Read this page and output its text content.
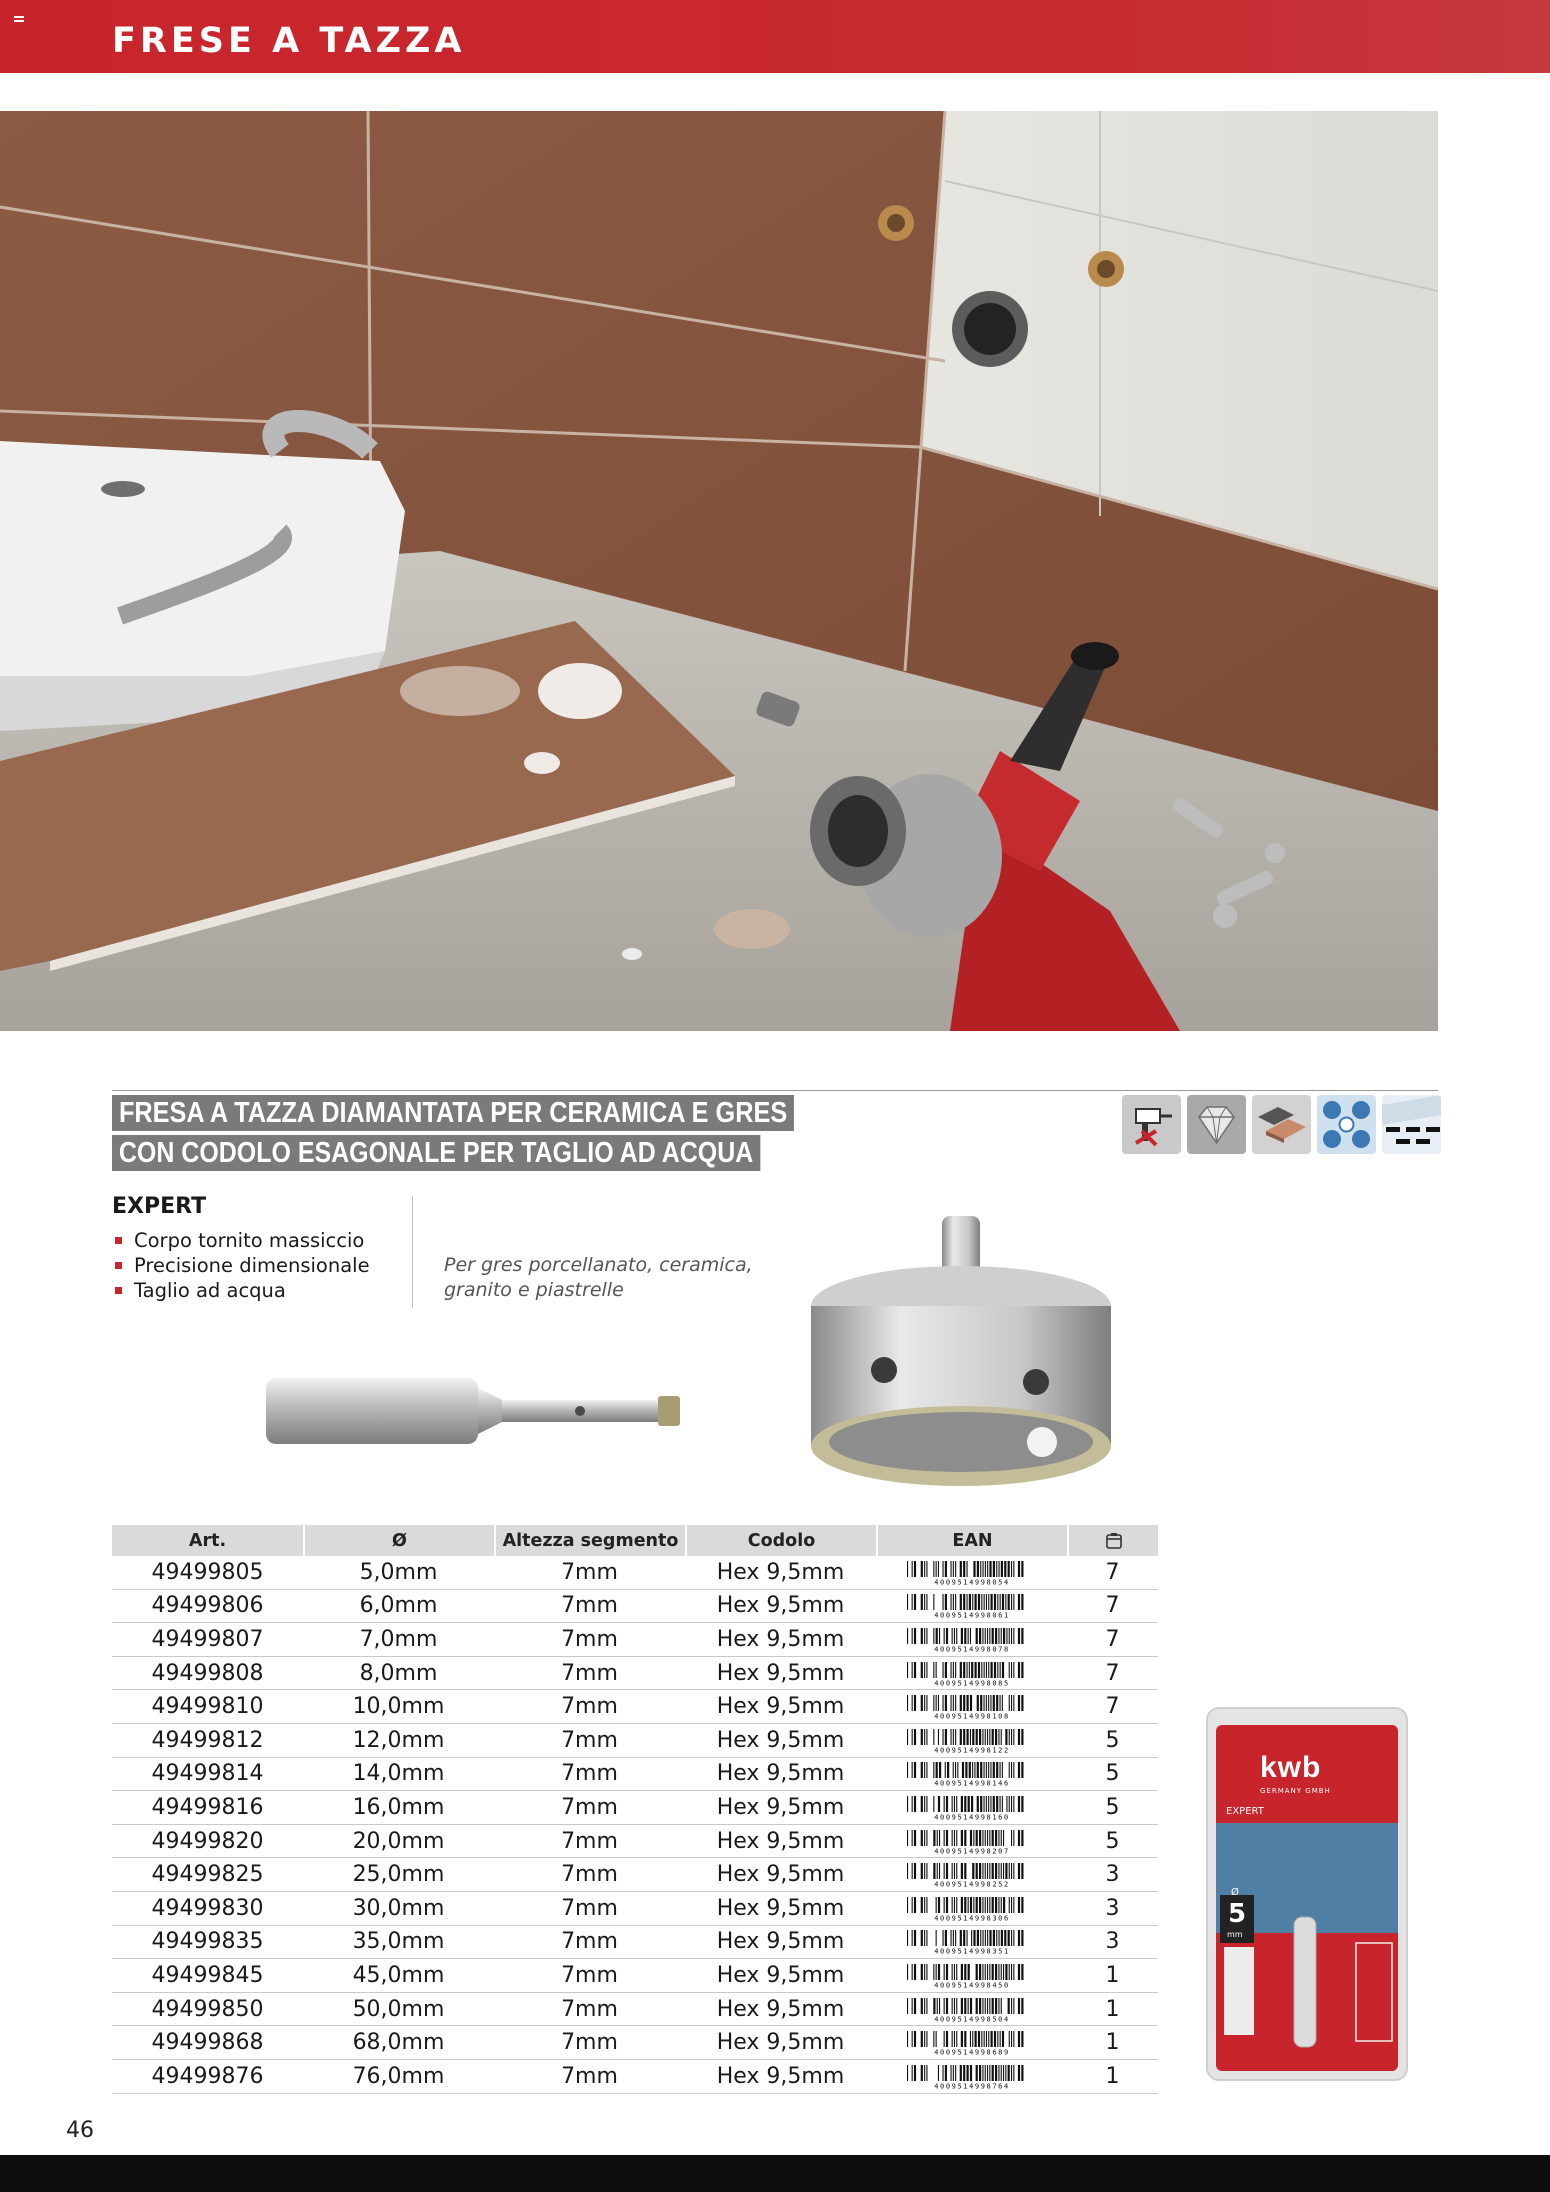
FRESE A TAZZA
FRESA A TAZZA DIAMANTATA PER CERAMICA E GRES
CON CODOLO ESAGONALE PER TAGLIO AD ACQUA
EXPERT
Corpo tornito massiccio
Precisione dimensionale
Taglio ad acqua
Per gres porcellanato, ceramica,
granito e piastrelle
Art.	Ø	Altezza segmento	Codolo	EAN	
49499805	5,0mm	7mm	Hex 9,5mm	4009514998054	7
49499806	6,0mm	7mm	Hex 9,5mm	4009514998061	7
49499807	7,0mm	7mm	Hex 9,5mm	4009514998078	7
49499808	8,0mm	7mm	Hex 9,5mm	4009514998085	7
49499810	10,0mm	7mm	Hex 9,5mm	4009514998108	7
49499812	12,0mm	7mm	Hex 9,5mm	4009514998122	5
49499814	14,0mm	7mm	Hex 9,5mm	4009514998146	5
49499816	16,0mm	7mm	Hex 9,5mm	4009514998160	5
49499820	20,0mm	7mm	Hex 9,5mm	4009514998207	5
49499825	25,0mm	7mm	Hex 9,5mm	4009514998252	3
49499830	30,0mm	7mm	Hex 9,5mm	4009514998306	3
49499835	35,0mm	7mm	Hex 9,5mm	4009514998351	3
49499845	45,0mm	7mm	Hex 9,5mm	4009514998450	1
49499850	50,0mm	7mm	Hex 9,5mm	4009514998504	1
49499868	68,0mm	7mm	Hex 9,5mm	4009514998689	1
49499876	76,0mm	7mm	Hex 9,5mm	4009514998764	1
kwb
GERMANY GMBH
EXPERT
Ø
5
mm
46
